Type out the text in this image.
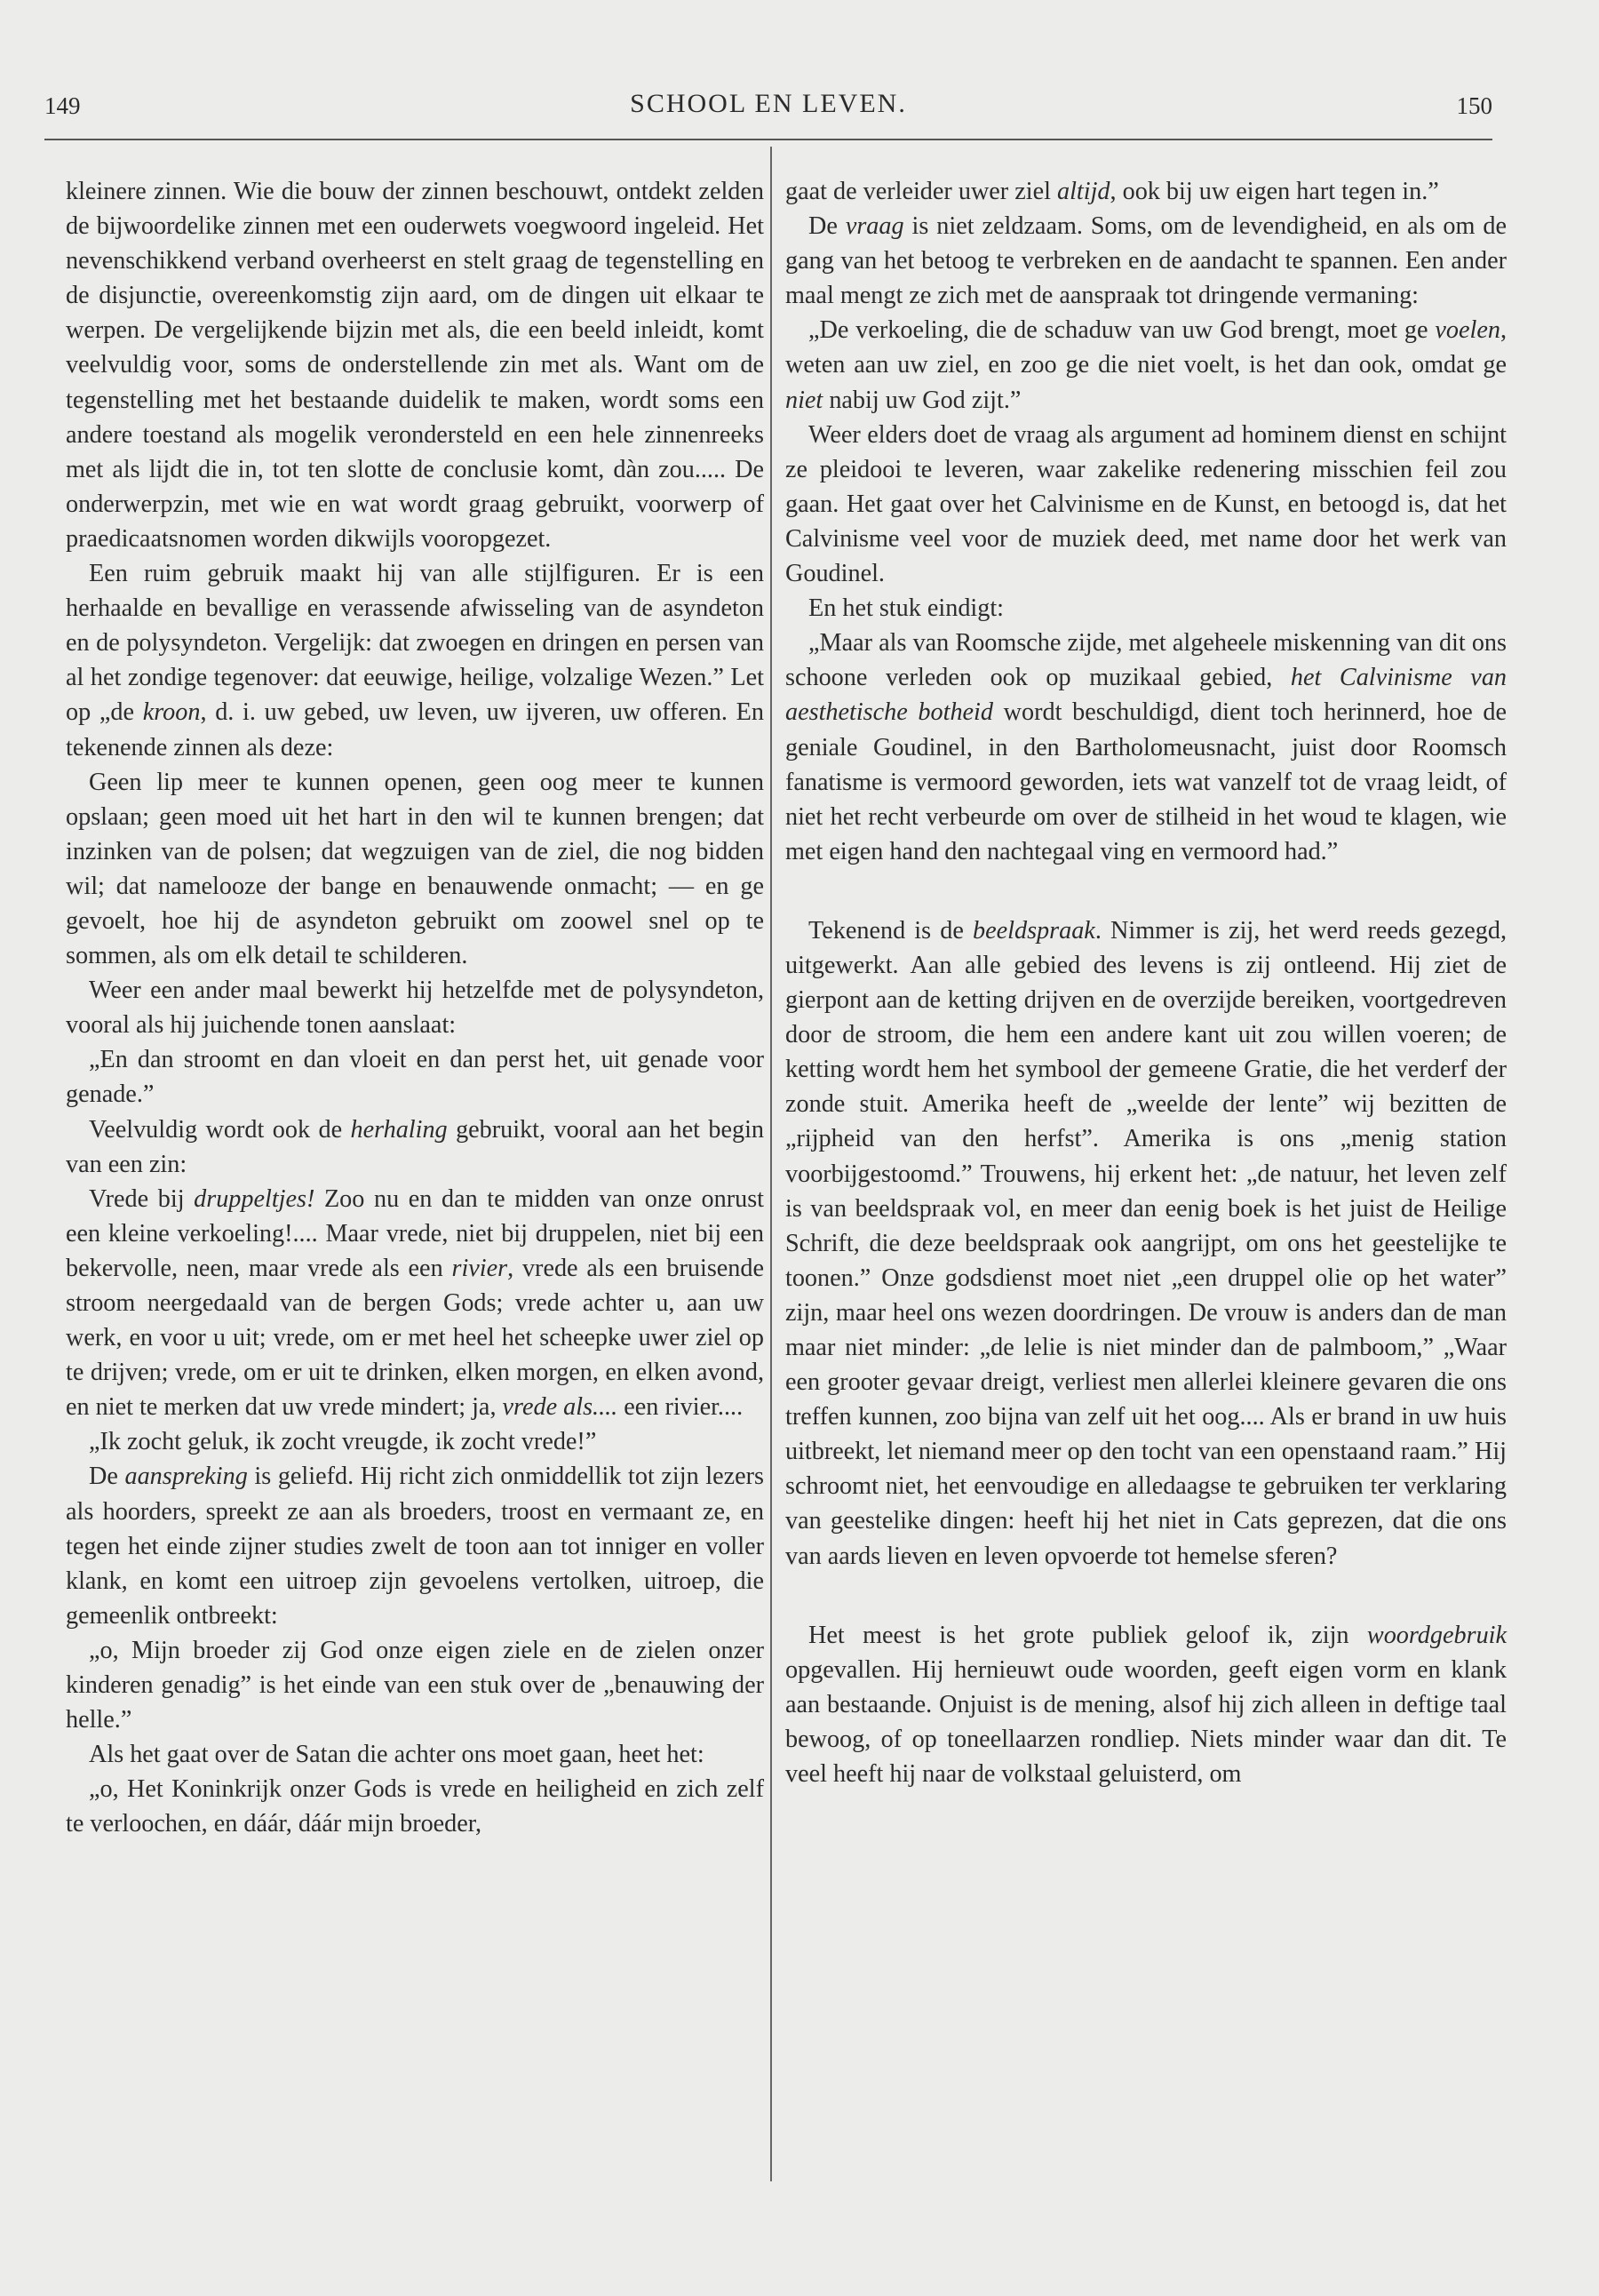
149	SCHOOL EN LEVEN.	150

kleinere zinnen. Wie die bouw der zinnen beschouwt, ontdekt zelden de bijwoordelike zinnen met een ouderwets voegwoord ingeleid. Het nevenschikkend verband overheerst en stelt graag de tegenstelling en de disjunctie, overeenkomstig zijn aard, om de dingen uit elkaar te werpen. De vergelijkende bijzin met als, die een beeld inleidt, komt veelvuldig voor, soms de onderstellende zin met als. Want om de tegenstelling met het bestaande duidelik te maken, wordt soms een andere toestand als mogelik verondersteld en een hele zinnenreeks met als lijdt die in, tot ten slotte de conclusie komt, dàn zou..... De onderwerpzin, met wie en wat wordt graag gebruikt, voorwerp of praedicaatsnomen worden dikwijls vooropgezet.

Een ruim gebruik maakt hij van alle stijlfiguren. Er is een herhaalde en bevallige en verassende afwisseling van de asyndeton en de polysyndeton. Vergelijk: dat zwoegen en dringen en persen van al het zondige tegenover: dat eeuwige, heilige, volzalige Wezen.” Let op „de kroon, d. i. uw gebed, uw leven, uw ijveren, uw offeren. En tekenende zinnen als deze:

Geen lip meer te kunnen openen, geen oog meer te kunnen opslaan; geen moed uit het hart in den wil te kunnen brengen; dat inzinken van de polsen; dat wegzuigen van de ziel, die nog bidden wil; dat namelooze der bange en benauwende onmacht; — en ge gevoelt, hoe hij de asyndeton gebruikt om zoowel snel op te sommen, als om elk detail te schilderen.

Weer een ander maal bewerkt hij hetzelfde met de polysyndeton, vooral als hij juichende tonen aanslaat:

„En dan stroomt en dan vloeit en dan perst het, uit genade voor genade.”

Veelvuldig wordt ook de herhaling gebruikt, vooral aan het begin van een zin:

Vrede bij druppeltjes! Zoo nu en dan te midden van onze onrust een kleine verkoeling!.... Maar vrede, niet bij druppelen, niet bij een bekervolle, neen, maar vrede als een rivier, vrede als een bruisende stroom neergedaald van de bergen Gods; vrede achter u, aan uw werk, en voor u uit; vrede, om er met heel het scheepke uwer ziel op te drijven; vrede, om er uit te drinken, elken morgen, en elken avond, en niet te merken dat uw vrede mindert; ja, vrede als.... een rivier....

„Ik zocht geluk, ik zocht vreugde, ik zocht vrede!”

De aanspreking is geliefd. Hij richt zich onmiddellik tot zijn lezers als hoorders, spreekt ze aan als broeders, troost en vermaant ze, en tegen het einde zijner studies zwelt de toon aan tot inniger en voller klank, en komt een uitroep zijn gevoelens vertolken, uitroep, die gemeenlik ontbreekt:

„o, Mijn broeder zij God onze eigen ziele en de zielen onzer kinderen genadig” is het einde van een stuk over de „benauwing der helle.”

Als het gaat over de Satan die achter ons moet gaan, heet het:

„o, Het Koninkrijk onzer Gods is vrede en heiligheid en zich zelf te verloochen, en dáár, dáár mijn broeder,

gaat de verleider uwer ziel altijd, ook bij uw eigen hart tegen in.”

De vraag is niet zeldzaam. Soms, om de levendigheid, en als om de gang van het betoog te verbreken en de aandacht te spannen. Een ander maal mengt ze zich met de aanspraak tot dringende vermaning:

„De verkoeling, die de schaduw van uw God brengt, moet ge voelen, weten aan uw ziel, en zoo ge die niet voelt, is het dan ook, omdat ge niet nabij uw God zijt.”

Weer elders doet de vraag als argument ad hominem dienst en schijnt ze pleidooi te leveren, waar zakelike redenering misschien feil zou gaan. Het gaat over het Calvinisme en de Kunst, en betoogd is, dat het Calvinisme veel voor de muziek deed, met name door het werk van Goudinel.

En het stuk eindigt:

„Maar als van Roomsche zijde, met algeheele miskenning van dit ons schoone verleden ook op muzikaal gebied, het Calvinisme van aesthetische botheid wordt beschuldigd, dient toch herinnerd, hoe de geniale Goudinel, in den Bartholomeusnacht, juist door Roomsch fanatisme is vermoord geworden, iets wat vanzelf tot de vraag leidt, of niet het recht verbeurde om over de stilheid in het woud te klagen, wie met eigen hand den nachtegaal ving en vermoord had.”

Tekenend is de beeldspraak. Nimmer is zij, het werd reeds gezegd, uitgewerkt. Aan alle gebied des levens is zij ontleend. Hij ziet de gierpont aan de ketting drijven en de overzijde bereiken, voortgedreven door de stroom, die hem een andere kant uit zou willen voeren; de ketting wordt hem het symbool der gemeene Gratie, die het verderf der zonde stuit. Amerika heeft de „weelde der lente” wij bezitten de „rijpheid van den herfst”. Amerika is ons „menig station voorbijgestoomd.” Trouwens, hij erkent het: „de natuur, het leven zelf is van beeldspraak vol, en meer dan eenig boek is het juist de Heilige Schrift, die deze beeldspraak ook aangrijpt, om ons het geestelijke te toonen.” Onze godsdienst moet niet „een druppel olie op het water” zijn, maar heel ons wezen doordringen. De vrouw is anders dan de man maar niet minder: „de lelie is niet minder dan de palmboom,” „Waar een grooter gevaar dreigt, verliest men allerlei kleinere gevaren die ons treffen kunnen, zoo bijna van zelf uit het oog.... Als er brand in uw huis uitbreekt, let niemand meer op den tocht van een openstaand raam.” Hij schroomt niet, het eenvoudige en alledaagse te gebruiken ter verklaring van geestelike dingen: heeft hij het niet in Cats geprezen, dat die ons van aards lieven en leven opvoerde tot hemelse sferen?

Het meest is het grote publiek geloof ik, zijn woordgebruik opgevallen. Hij hernieuwt oude woorden, geeft eigen vorm en klank aan bestaande. Onjuist is de mening, alsof hij zich alleen in deftige taal bewoog, of op toneellaarzen rondliep. Niets minder waar dan dit. Te veel heeft hij naar de volkstaal geluisterd, om
